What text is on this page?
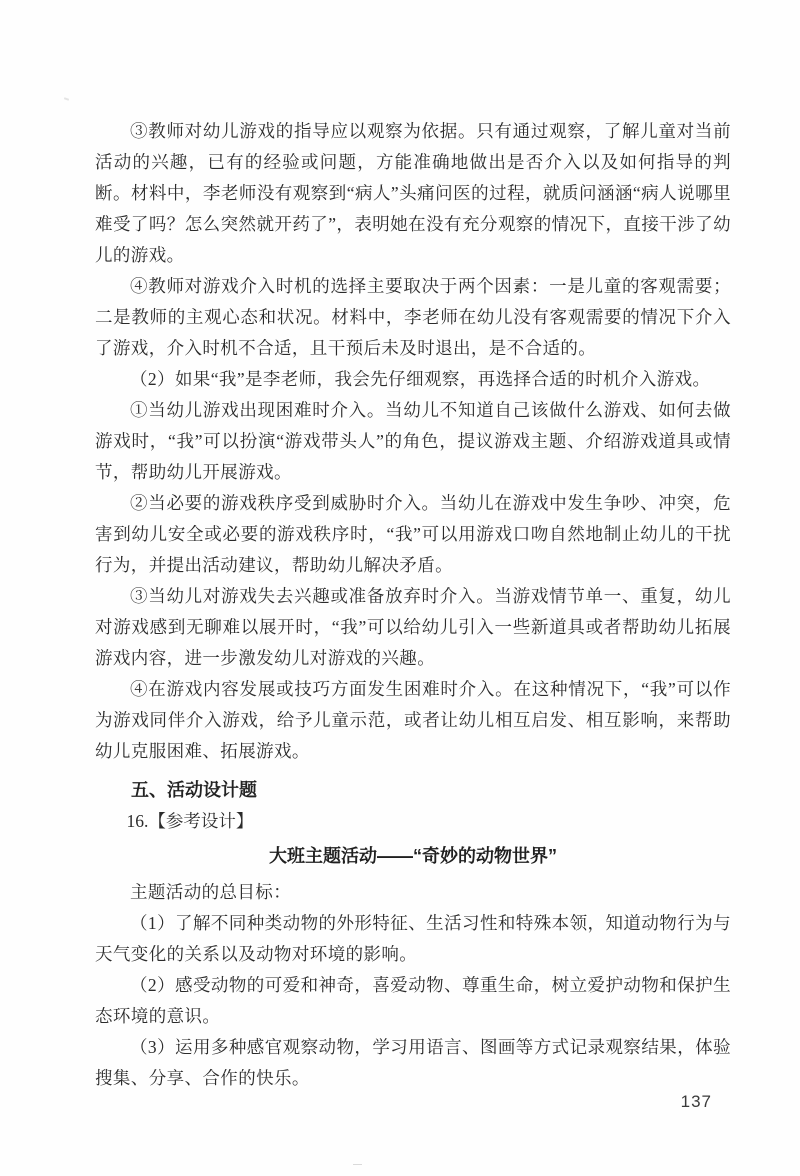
③教师对幼儿游戏的指导应以观察为依据。只有通过观察，了解儿童对当前活动的兴趣，已有的经验或问题，方能准确地做出是否介入以及如何指导的判断。材料中，李老师没有观察到“病人”头痛问医的过程，就质问涵涵“病人说哪里难受了吗？怎么突然就开药了”，表明她在没有充分观察的情况下，直接干涉了幼儿的游戏。

④教师对游戏介入时机的选择主要取决于两个因素：一是儿童的客观需要；二是教师的主观心态和状况。材料中，李老师在幼儿没有客观需要的情况下介入了游戏，介入时机不合适，且干预后未及时退出，是不合适的。

（2）如果“我”是李老师，我会先仔细观察，再选择合适的时机介入游戏。

①当幼儿游戏出现困难时介入。当幼儿不知道自己该做什么游戏、如何去做游戏时，“我”可以扮演“游戏带头人”的角色，提议游戏主题、介绍游戏道具或情节，帮助幼儿开展游戏。

②当必要的游戏秩序受到威胁时介入。当幼儿在游戏中发生争吵、冲突，危害到幼儿安全或必要的游戏秩序时，“我”可以用游戏口吻自然地制止幼儿的干扰行为，并提出活动建议，帮助幼儿解决矛盾。

③当幼儿对游戏失去兴趣或准备放弃时介入。当游戏情节单一、重复，幼儿对游戏感到无聊难以展开时，“我”可以给幼儿引入一些新道具或者帮助幼儿拓展游戏内容，进一步激发幼儿对游戏的兴趣。

④在游戏内容发展或技巧方面发生困难时介入。在这种情况下，“我”可以作为游戏同伴介入游戏，给予儿童示范，或者让幼儿相互启发、相互影响，来帮助幼儿克服困难、拓展游戏。

五、活动设计题

16.【参考设计】

大班主题活动——“奇妙的动物世界”

主题活动的总目标：

（1）了解不同种类动物的外形特征、生活习性和特殊本领，知道动物行为与天气变化的关系以及动物对环境的影响。

（2）感受动物的可爱和神奇，喜爱动物、尊重生命，树立爱护动物和保护生态环境的意识。

（3）运用多种感官观察动物，学习用语言、图画等方式记录观察结果，体验搜集、分享、合作的快乐。

137
